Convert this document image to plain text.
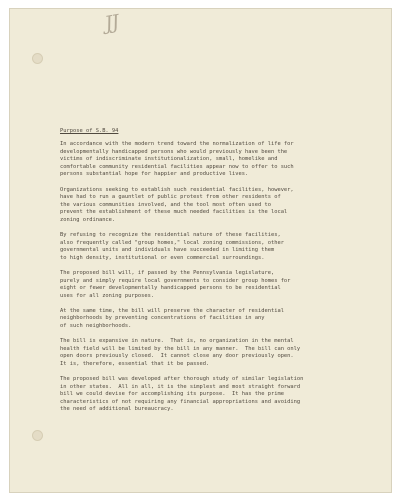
JJ
Purpose of S.B. 94
In accordance with the modern trend toward the normalization of life for
developmentally handicapped persons who would previously have been the
victims of indiscriminate institutionalization, small, homelike and
comfortable community residential facilities appear now to offer to such
persons substantial hope for happier and productive lives.
Organizations seeking to establish such residential facilities, however,
have had to run a gauntlet of public protest from other residents of
the various communities involved, and the tool most often used to
prevent the establishment of these much needed facilities is the local
zoning ordinance.
By refusing to recognize the residential nature of these facilities,
also frequently called "group homes," local zoning commissions, other
governmental units and individuals have succeeded in limiting them
to high density, institutional or even commercial surroundings.
The proposed bill will, if passed by the Pennsylvania legislature,
purely and simply require local governments to consider group homes for
eight or fewer developmentally handicapped persons to be residential
uses for all zoning purposes.
At the same time, the bill will preserve the character of residential
neighborhoods by preventing concentrations of facilities in any
of such neighborhoods.
The bill is expansive in nature.  That is, no organization in the mental
health field will be limited by the bill in any manner.  The bill can only
open doors previously closed.  It cannot close any door previously open.
It is, therefore, essential that it be passed.
The proposed bill was developed after thorough study of similar legislation
in other states.  All in all, it is the simplest and most straight forward
bill we could devise for accomplishing its purpose.  It has the prime
characteristics of not requiring any financial appropriations and avoiding
the need of additional bureaucracy.
